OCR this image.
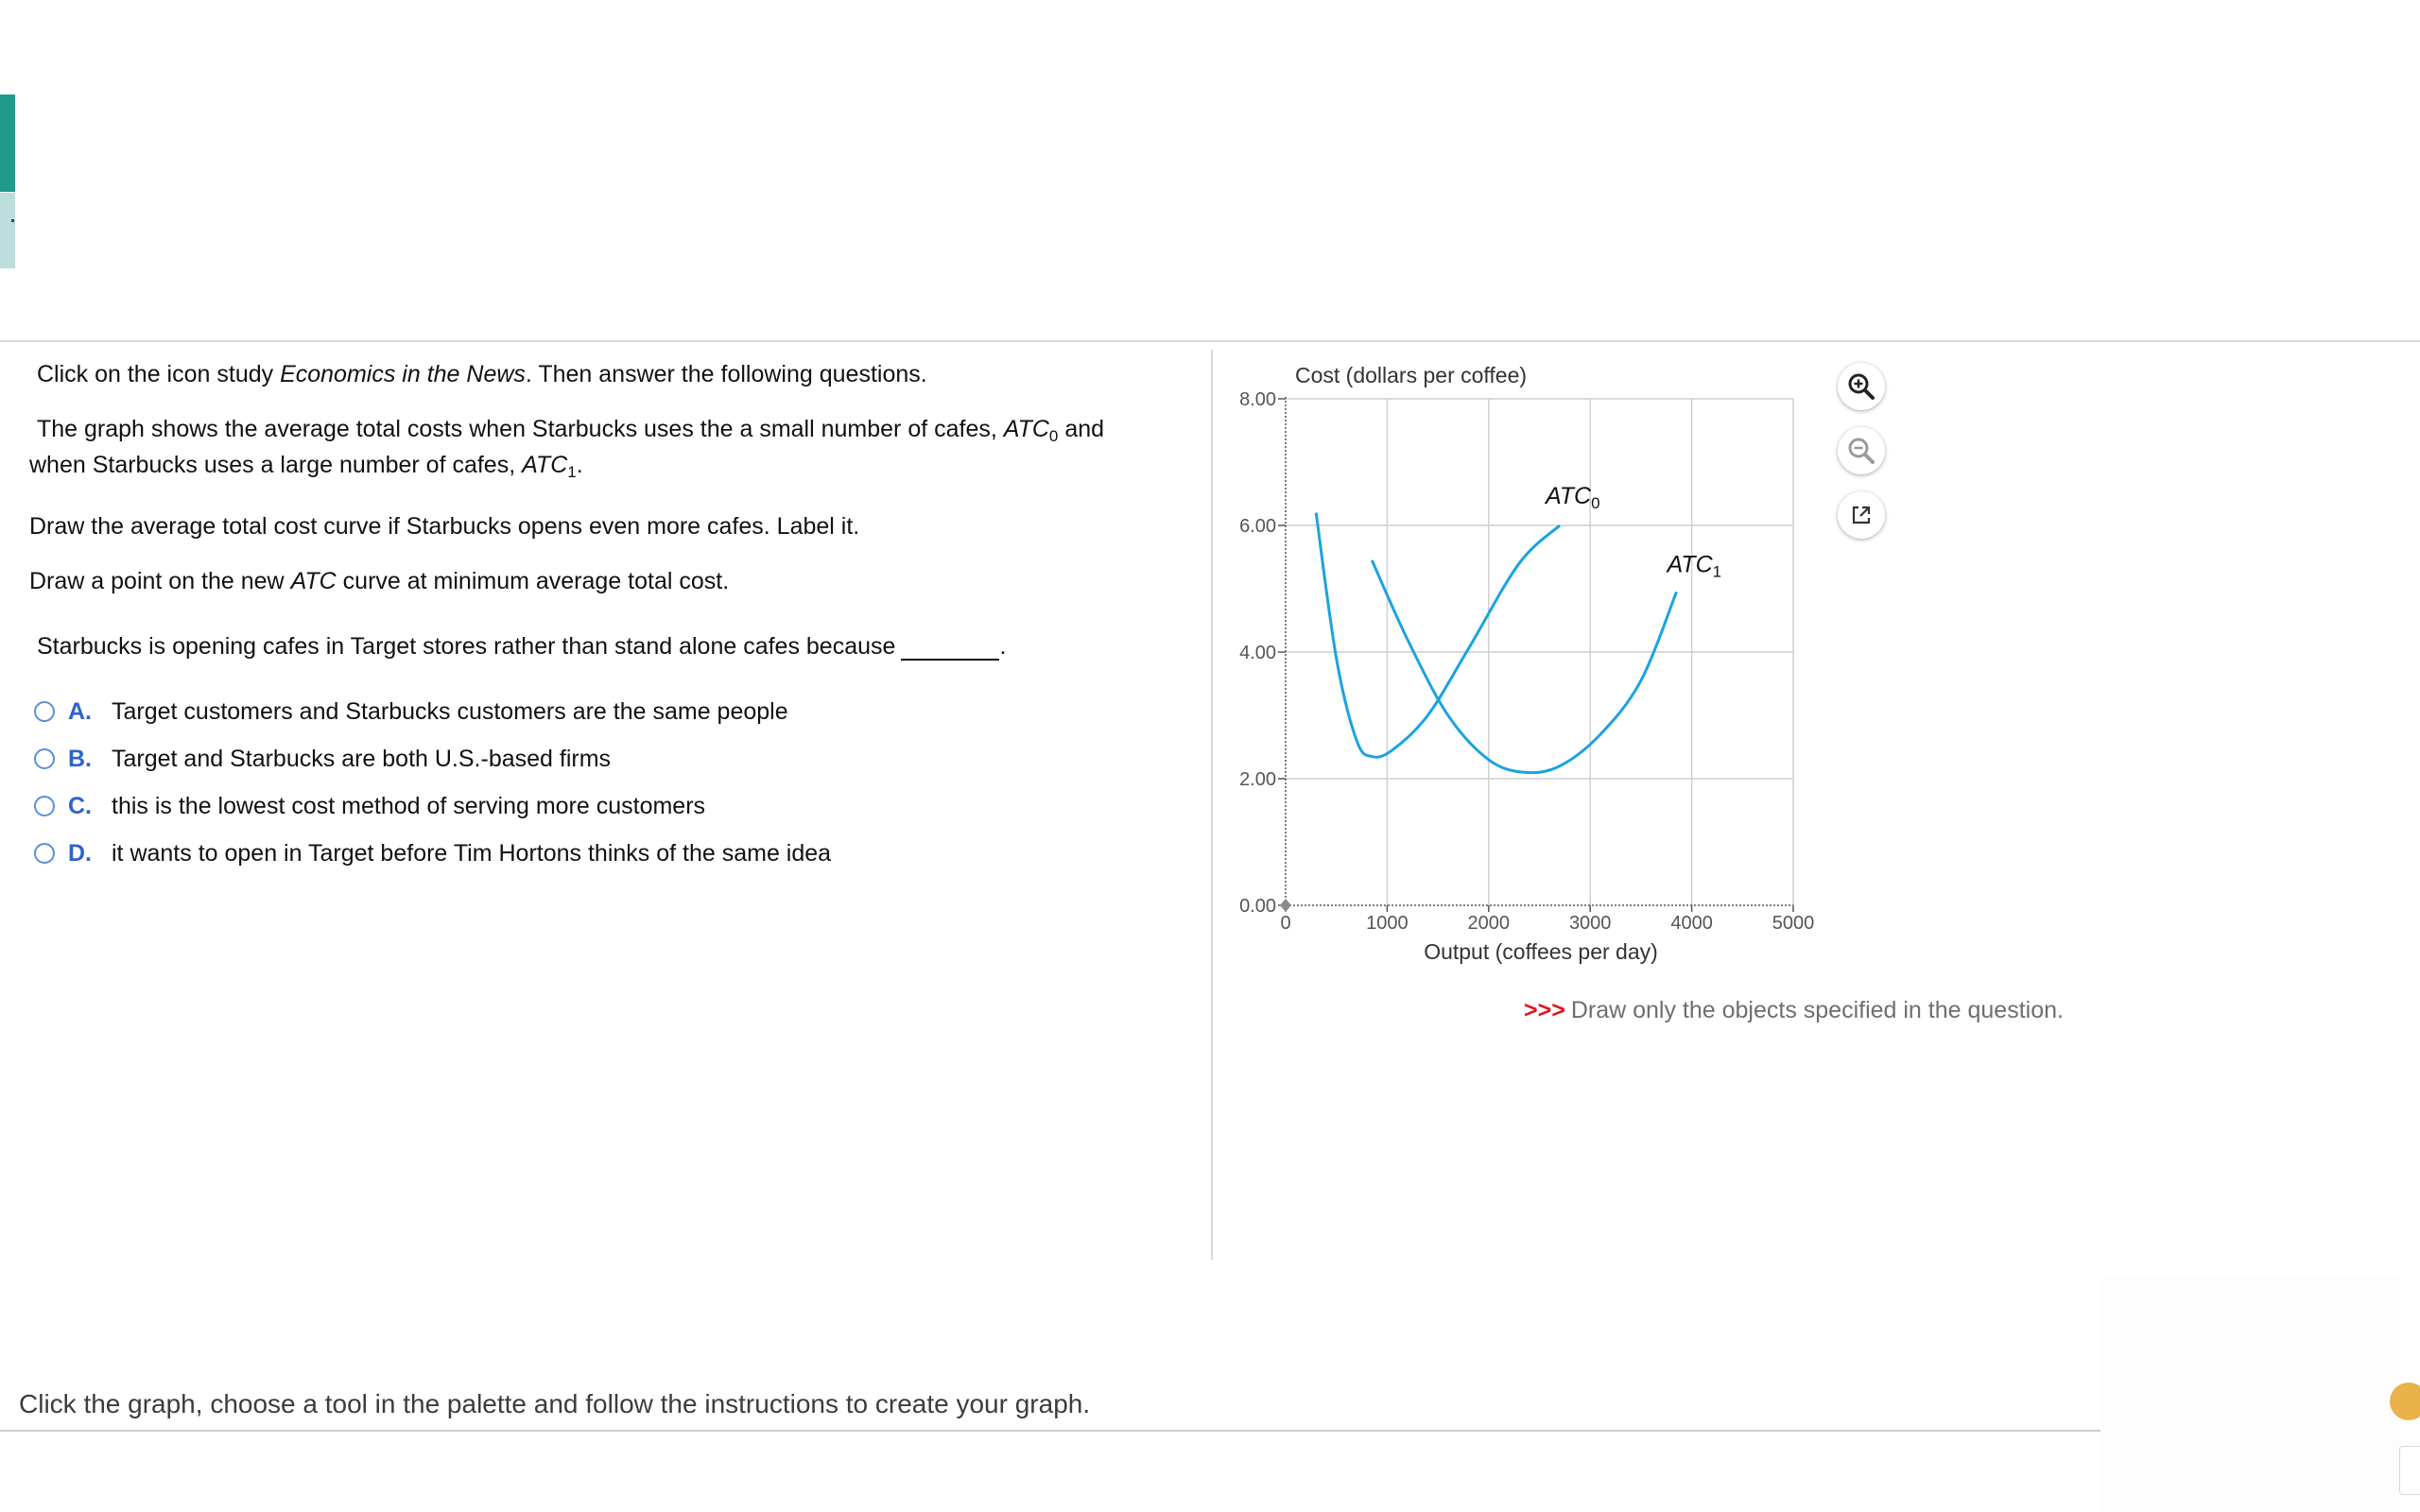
Click on the icon study Economics in the News. Then answer the following questions.
The graph shows the average total costs when Starbucks uses the a small number of cafes, $ATC_0$ and
when Starbucks uses a large number of cafes, $ATC_1$.
Draw the average total cost curve if Starbucks opens even more cafes. Label it.
Draw a point on the new ATC curve at minimum average total cost.
Starbucks is opening cafes in Target stores rather than stand alone cafes because	.
A. Target customers and Starbucks customers are the same people
B. Target and Starbucks are both U.S.-based firms
C. this is the lowest cost method of serving more customers
D. it wants to open in Target before Tim Hortons thinks of the same idea
Cost (dollars per coffee)
Output (coffees per day)
0.00
2.00
4.00
6.00
8.00
0	1000	2000	3000	4000	5000
$ATC_0$
$ATC_1$
>>> Draw only the objects specified in the question.
Click the graph, choose a tool in the palette and follow the instructions to create your graph.
